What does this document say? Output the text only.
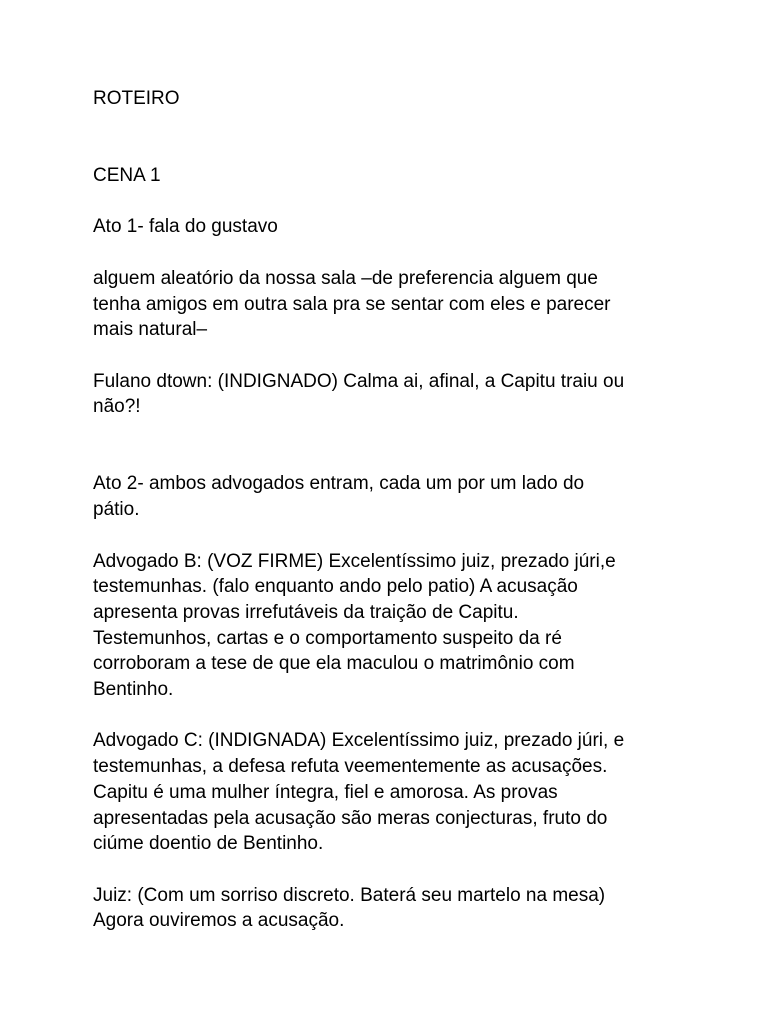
ROTEIRO

CENA 1

Ato 1- fala do gustavo

alguem aleatório da nossa sala –de preferencia alguem que

tenha amigos em outra sala pra se sentar com eles e parecer

mais natural–

Fulano dtown: (INDIGNADO) Calma ai, afinal, a Capitu traiu ou

não?!

Ato 2- ambos advogados entram, cada um por um lado do

pátio.

Advogado B: (VOZ FIRME) Excelentíssimo juiz, prezado júri,e

testemunhas. (falo enquanto ando pelo patio) A acusação

apresenta provas irrefutáveis da traição de Capitu.

Testemunhos, cartas e o comportamento suspeito da ré

corroboram a tese de que ela maculou o matrimônio com

Bentinho.

Advogado C: (INDIGNADA) Excelentíssimo juiz, prezado júri, e

testemunhas, a defesa refuta veementemente as acusações.

Capitu é uma mulher íntegra, fiel e amorosa. As provas

apresentadas pela acusação são meras conjecturas, fruto do

ciúme doentio de Bentinho.

Juiz: (Com um sorriso discreto. Baterá seu martelo na mesa)

Agora ouviremos a acusação.
